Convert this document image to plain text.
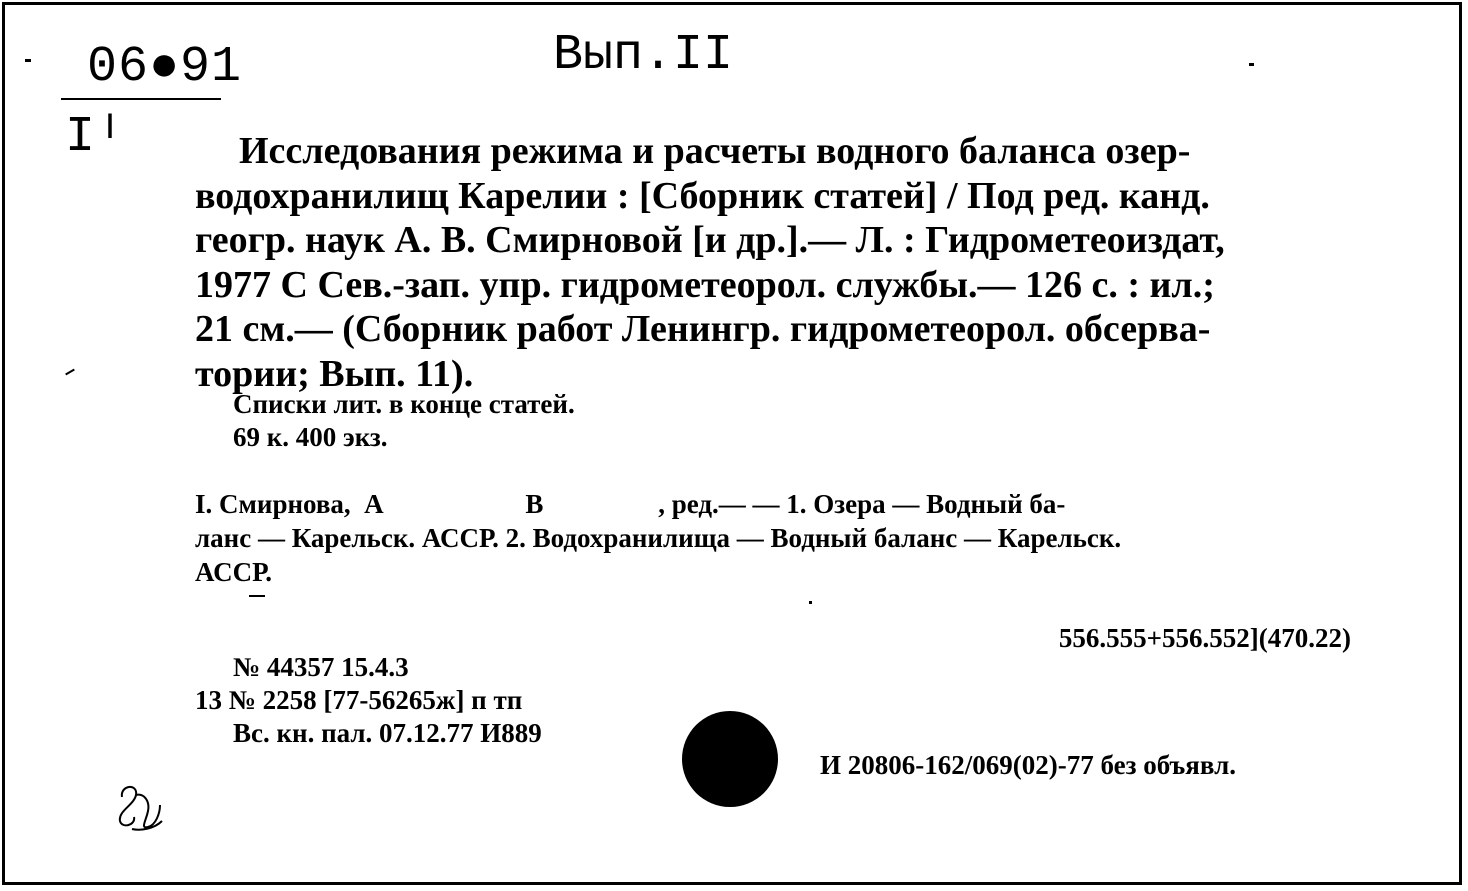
06●91	Вып.II
Iᴵ	Исследования режима и расчеты водного баланса озер-
водохранилищ Карелии : [Сборник статей] / Под ред. канд.
геогр. наук А. В. Смирновой [и др.].— Л. : Гидрометеоиздат,
1977 С Сев.-зап. упр. гидрометеорол. службы.— 126 с. : ил.;
21 см.— (Сборник работ Ленингр. гидрометеорол. обсерва-
тории; Вып. 11).
Списки лит. в конце статей.
69 к. 400 экз.
I. Смирнова,  А                     В                 , ред.— — 1. Озера — Водный ба-
ланс — Карельск. АССР. 2. Водохранилища — Водный баланс — Карельск.
АССР.
556.555+556.552](470.22)
№ 44357 15.4.3
13 № 2258 [77-56265ж] п тп
Вс. кн. пал. 07.12.77 И889
И 20806-162/069(02)-77 без объявл.
